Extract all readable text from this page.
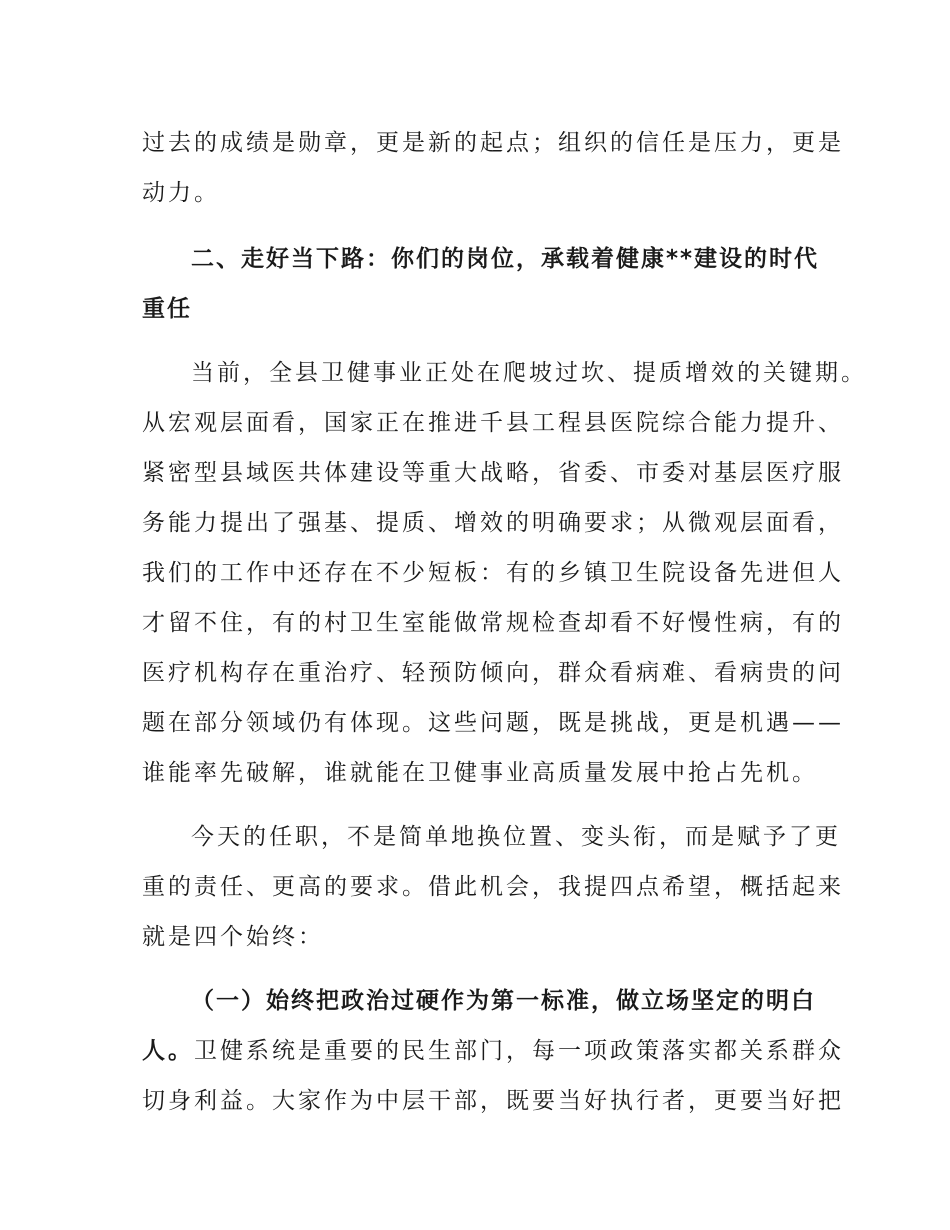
过去的成绩是勋章，更是新的起点；组织的信任是压力，更是
动力。
二、走好当下路：你们的岗位，承载着健康**建设的时代
重任
当前，全县卫健事业正处在爬坡过坎、提质增效的关键期。
从宏观层面看，国家正在推进千县工程县医院综合能力提升、
紧密型县域医共体建设等重大战略，省委、市委对基层医疗服
务能力提出了强基、提质、增效的明确要求；从微观层面看，
我们的工作中还存在不少短板：有的乡镇卫生院设备先进但人
才留不住，有的村卫生室能做常规检查却看不好慢性病，有的
医疗机构存在重治疗、轻预防倾向，群众看病难、看病贵的问
题在部分领域仍有体现。这些问题，既是挑战，更是机遇——
谁能率先破解，谁就能在卫健事业高质量发展中抢占先机。
今天的任职，不是简单地换位置、变头衔，而是赋予了更
重的责任、更高的要求。借此机会，我提四点希望，概括起来
就是四个始终：
（一）始终把政治过硬作为第一标准，做立场坚定的明白
人。卫健系统是重要的民生部门，每一项政策落实都关系群众
切身利益。大家作为中层干部，既要当好执行者，更要当好把
